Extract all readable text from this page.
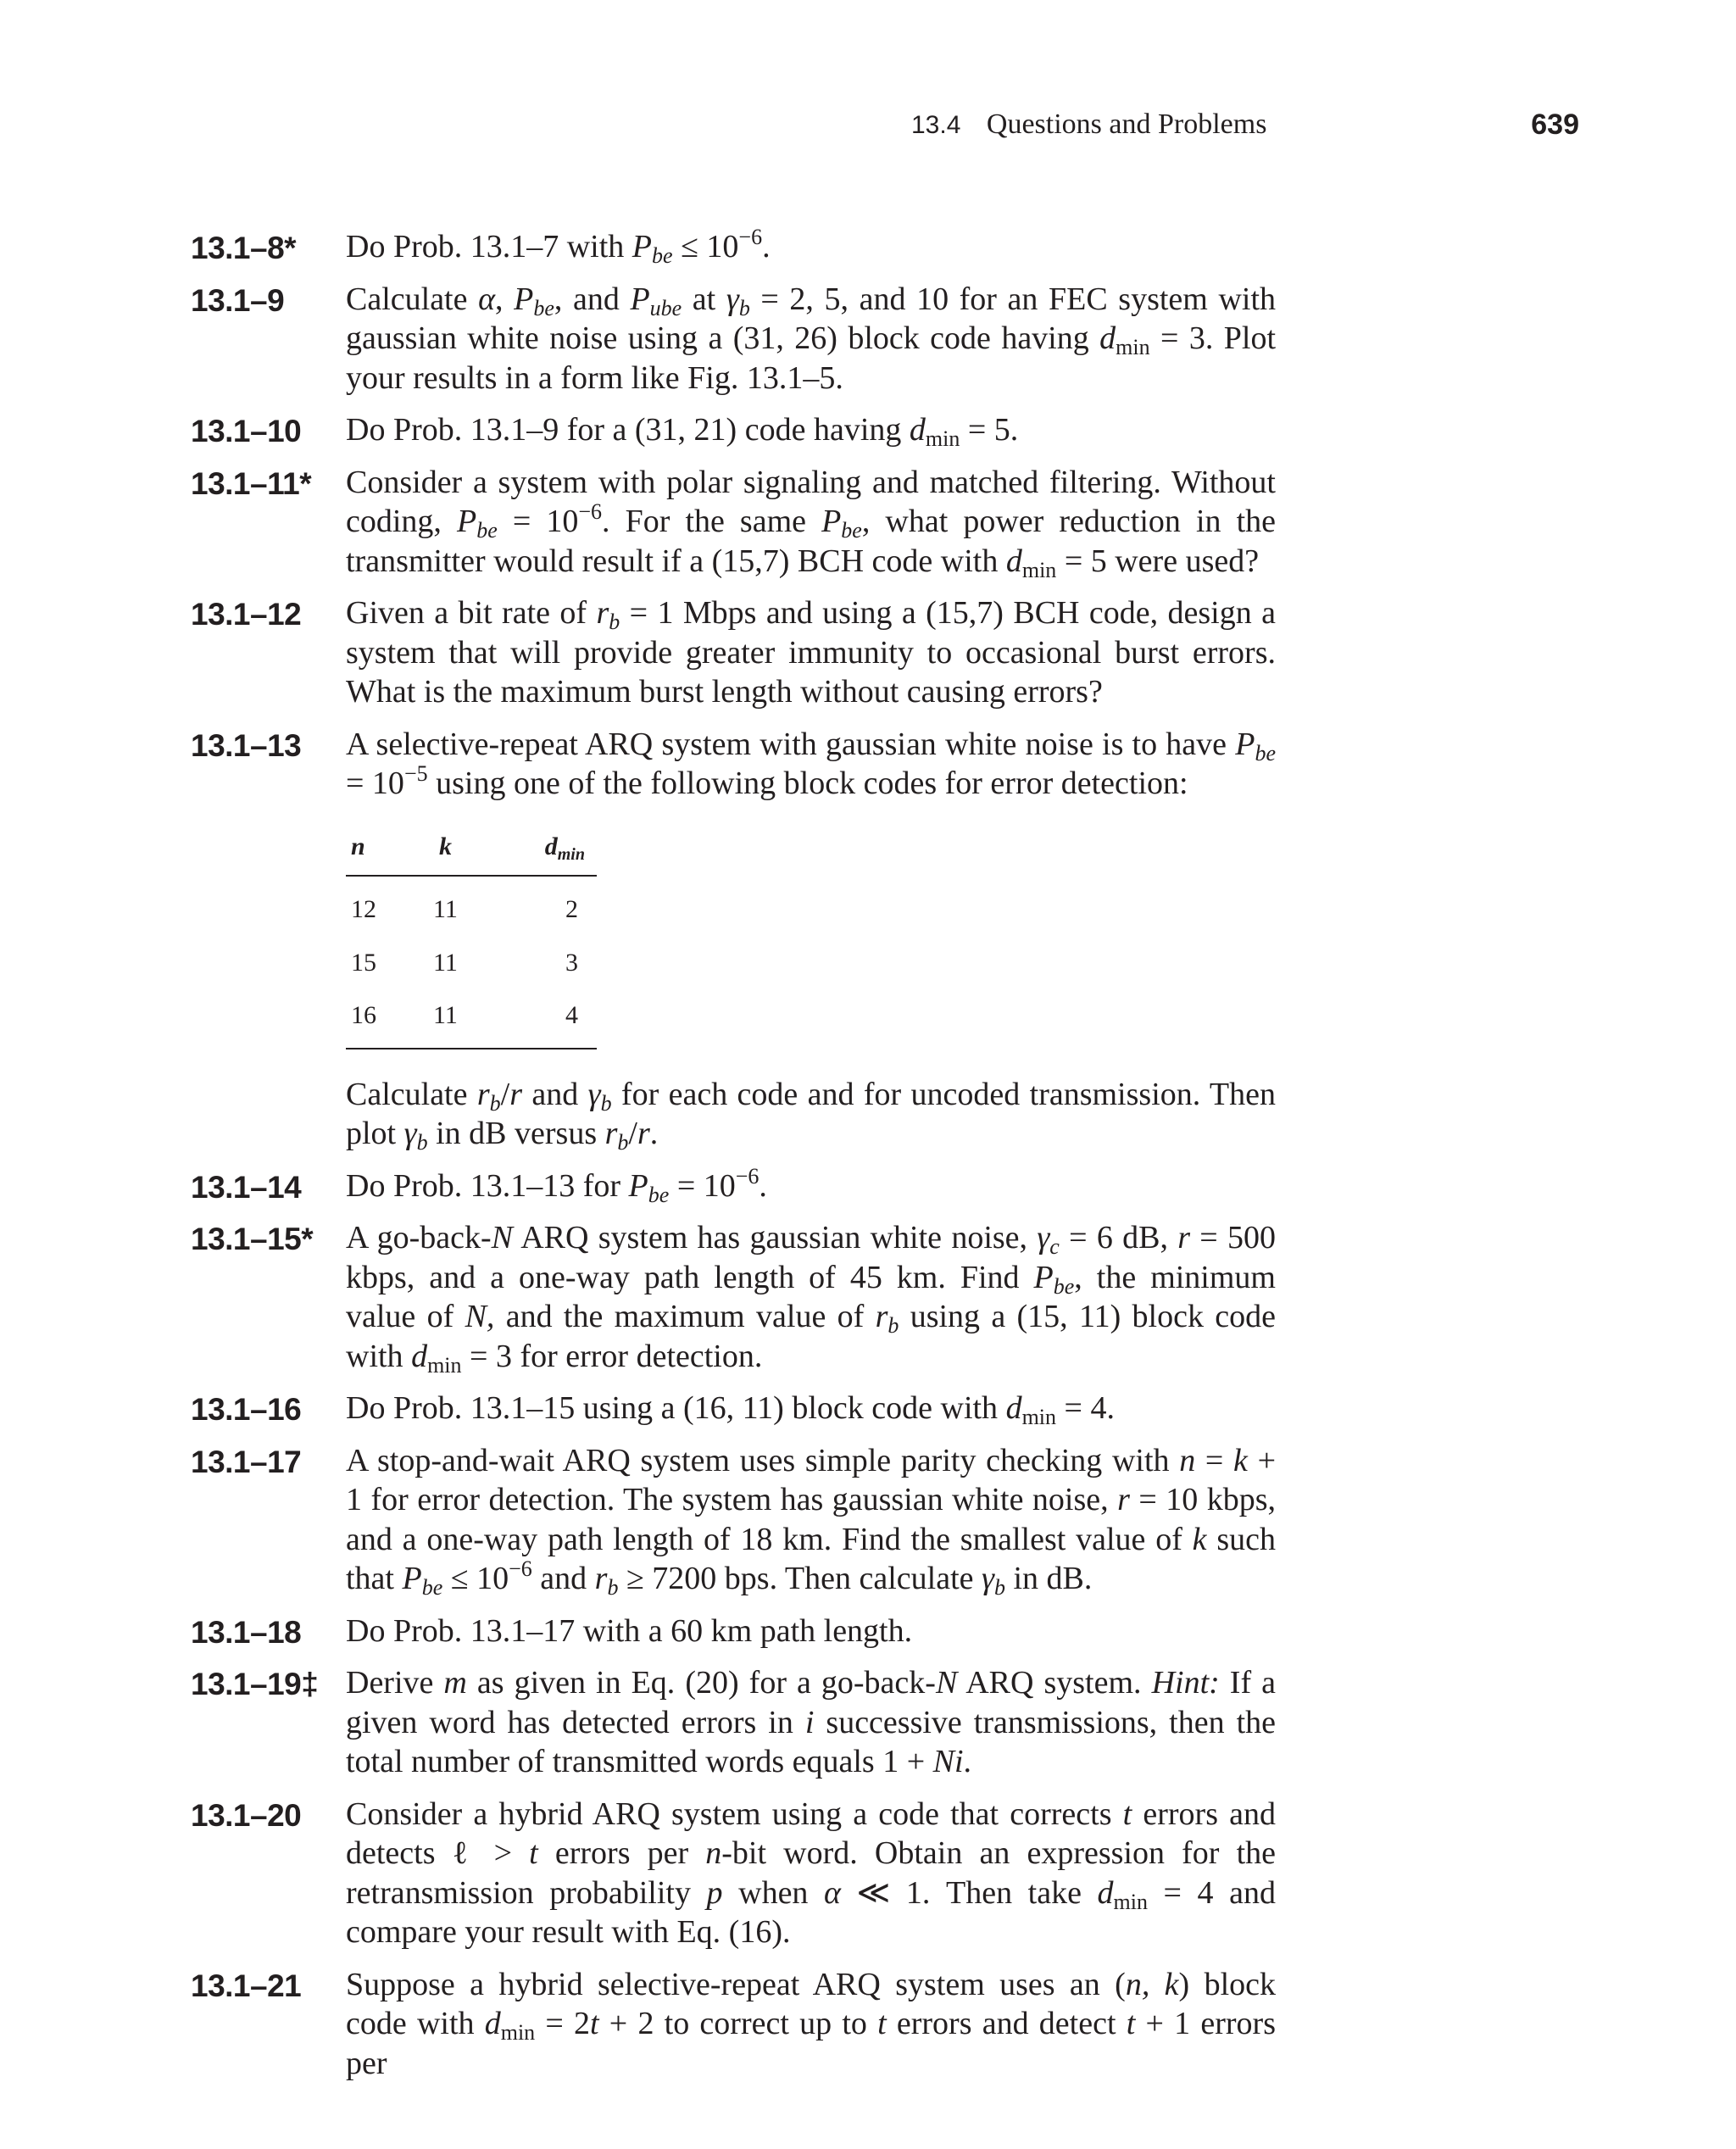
13.4 Questions and Problems	639
13.1–8* Do Prob. 13.1–7 with $P_{be} \le 10^{-6}$.
13.1–9 Calculate α, $P_{be}$, and $P_{ube}$ at $\gamma_b = 2$, 5, and 10 for an FEC system with gaussian white noise using a (31, 26) block code having $d_{min} = 3$. Plot your results in a form like Fig. 13.1–5.
13.1–10 Do Prob. 13.1–9 for a (31, 21) code having $d_{min} = 5$.
13.1–11* Consider a system with polar signaling and matched filtering. Without coding, $P_{be} = 10^{-6}$. For the same $P_{be}$, what power reduction in the transmitter would result if a (15,7) BCH code with $d_{min} = 5$ were used?
13.1–12 Given a bit rate of $r_b = 1$ Mbps and using a (15,7) BCH code, design a system that will provide greater immunity to occasional burst errors. What is the maximum burst length without causing errors?
13.1–13 A selective-repeat ARQ system with gaussian white noise is to have $P_{be} = 10^{-5}$ using one of the following block codes for error detection:
n	k	$d_{min}$
12	11	2
15	11	3
16	11	4
Calculate $r_b/r$ and $\gamma_b$ for each code and for uncoded transmission. Then plot $\gamma_b$ in dB versus $r_b/r$.
13.1–14 Do Prob. 13.1–13 for $P_{be} = 10^{-6}$.
13.1–15* A go-back-N ARQ system has gaussian white noise, $\gamma_c = 6$ dB, r = 500 kbps, and a one-way path length of 45 km. Find $P_{be}$, the minimum value of N, and the maximum value of $r_b$ using a (15, 11) block code with $d_{min} = 3$ for error detection.
13.1–16 Do Prob. 13.1–15 using a (16, 11) block code with $d_{min} = 4$.
13.1–17 A stop-and-wait ARQ system uses simple parity checking with n = k + 1 for error detection. The system has gaussian white noise, r = 10 kbps, and a one-way path length of 18 km. Find the smallest value of k such that $P_{be} \le 10^{-6}$ and $r_b \ge 7200$ bps. Then calculate $\gamma_b$ in dB.
13.1–18 Do Prob. 13.1–17 with a 60 km path length.
13.1–19‡ Derive m as given in Eq. (20) for a go-back-N ARQ system. Hint: If a given word has detected errors in i successive transmissions, then the total number of transmitted words equals 1 + Ni.
13.1–20 Consider a hybrid ARQ system using a code that corrects t errors and detects ℓ > t errors per n-bit word. Obtain an expression for the retransmission probability p when α ≪ 1. Then take $d_{min} = 4$ and compare your result with Eq. (16).
13.1–21 Suppose a hybrid selective-repeat ARQ system uses an (n, k) block code with $d_{min} = 2t + 2$ to correct up to t errors and detect t + 1 errors per
